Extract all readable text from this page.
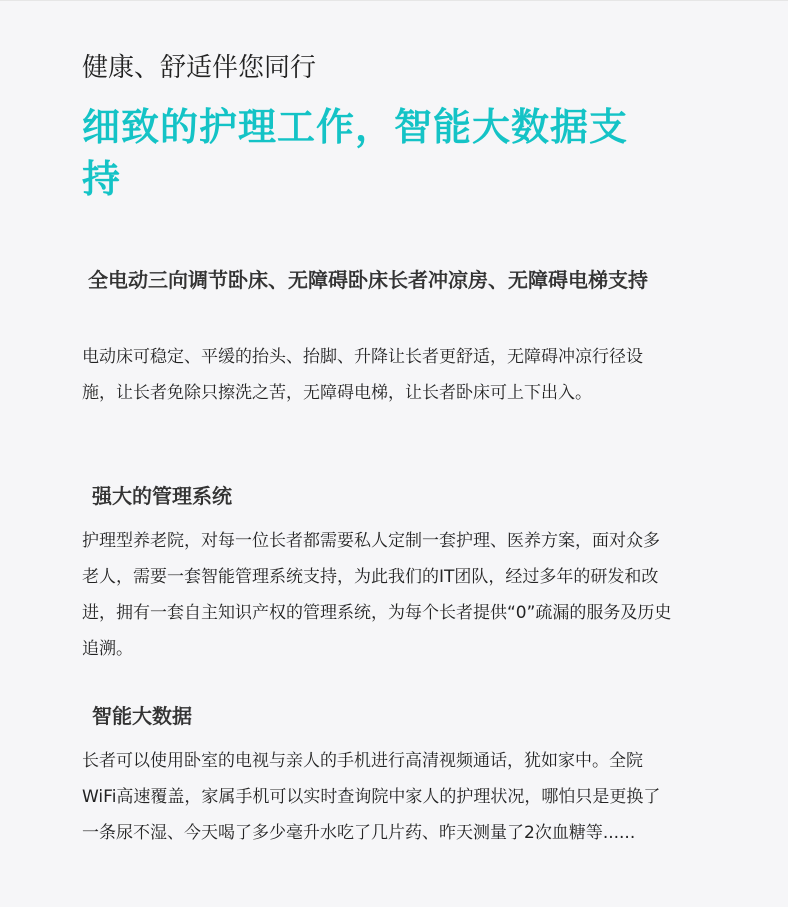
健康、舒适伴您同行
细致的护理工作，智能大数据支持
全电动三向调节卧床、无障碍卧床长者冲凉房、无障碍电梯支持
电动床可稳定、平缓的抬头、抬脚、升降让长者更舒适，无障碍冲凉行径设施，让长者免除只擦洗之苦，无障碍电梯，让长者卧床可上下出入。
强大的管理系统
护理型养老院，对每一位长者都需要私人定制一套护理、医养方案，面对众多老人，需要一套智能管理系统支持，为此我们的IT团队，经过多年的研发和改进，拥有一套自主知识产权的管理系统，为每个长者提供“0”疏漏的服务及历史追溯。
智能大数据
长者可以使用卧室的电视与亲人的手机进行高清视频通话，犹如家中。全院WiFi高速覆盖，家属手机可以实时查询院中家人的护理状况，哪怕只是更换了一条尿不湿、今天喝了多少毫升水吃了几片药、昨天测量了2次血糖等......
